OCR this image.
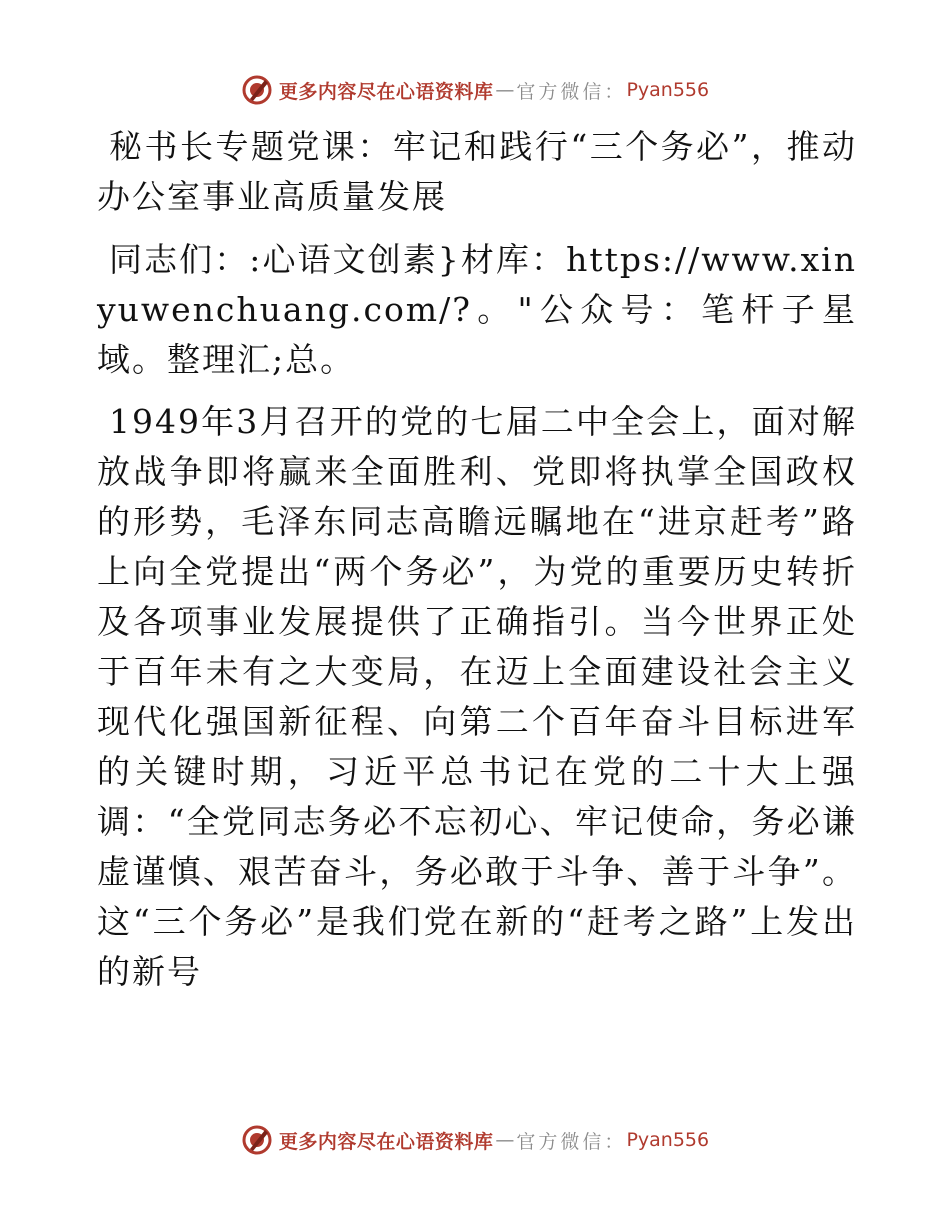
更多内容尽在心语资料库 — 官方微信： Pyan556

秘书长专题党课：牢记和践行“三个务必”，推动办公室事业高质量发展

同志们：:心语文创素}材库：https://www.xinyuwenchuang.com/?。"公众号：笔杆子星域。整理汇;总。

1949年3月召开的党的七届二中全会上，面对解放战争即将赢来全面胜利、党即将执掌全国政权的形势，毛泽东同志高瞻远瞩地在“进京赶考”路上向全党提出“两个务必”，为党的重要历史转折及各项事业发展提供了正确指引。当今世界正处于百年未有之大变局，在迈上全面建设社会主义现代化强国新征程、向第二个百年奋斗目标进军的关键时期，习近平总书记在党的二十大上强调：“全党同志务必不忘初心、牢记使命，务必谦虚谨慎、艰苦奋斗，务必敢于斗争、善于斗争”。这“三个务必”是我们党在新的“赶考之路”上发出的新号

更多内容尽在心语资料库 — 官方微信： Pyan556
